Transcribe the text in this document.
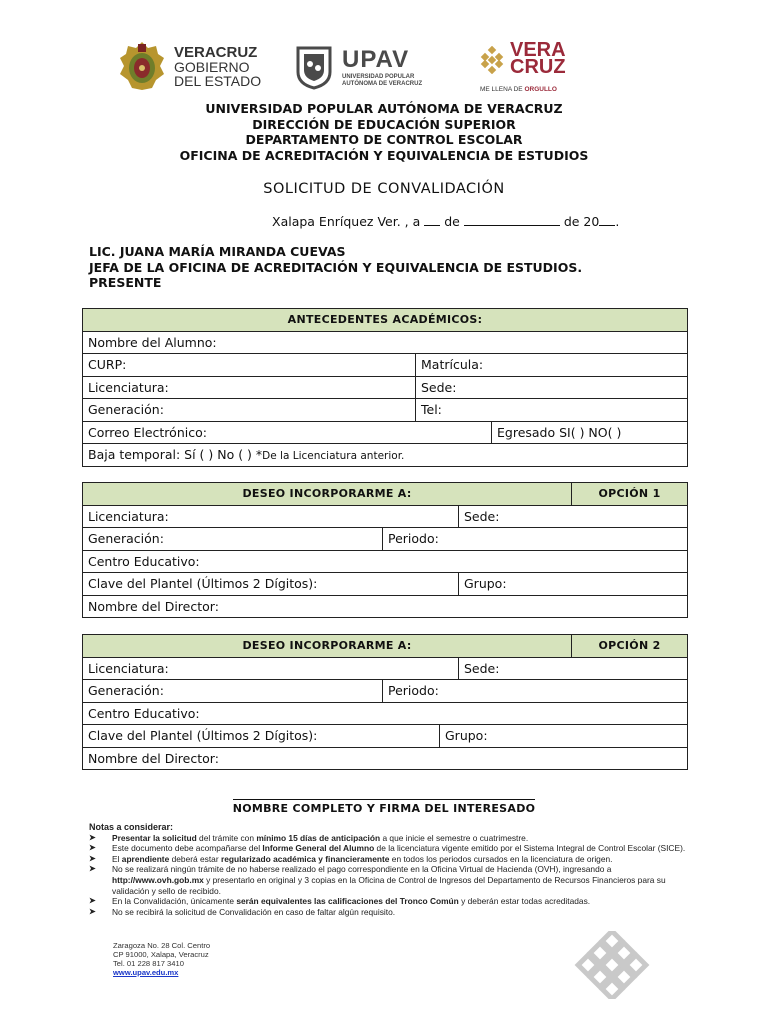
VERACRUZ
GOBIERNO
DEL ESTADO
UPAV
UNIVERSIDAD POPULAR
AUTÓNOMA DE VERACRUZ
VERA
CRUZ
ME LLENA DE ORGULLO
UNIVERSIDAD POPULAR AUTÓNOMA DE VERACRUZ
DIRECCIÓN DE EDUCACIÓN SUPERIOR
DEPARTAMENTO DE CONTROL ESCOLAR
OFICINA DE ACREDITACIÓN Y EQUIVALENCIA DE ESTUDIOS
SOLICITUD DE CONVALIDACIÓN
Xalapa Enríquez Ver. , a de	de 20 .
LIC. JUANA MARÍA MIRANDA CUEVAS
JEFA DE LA OFICINA DE ACREDITACIÓN Y EQUIVALENCIA DE ESTUDIOS.
PRESENTE
ANTECEDENTES ACADÉMICOS:		
Nombre del Alumno:		
CURP:	Matrícula:	
Licenciatura:	Sede:	
Generación:	Tel:	
Correo Electrónico:		Egresado SI( ) NO( )
Baja temporal: Sí ( ) No ( ) *De la Licenciatura anterior.		
DESEO INCORPORARME A:			OPCIÓN 1
Licenciatura:		Sede:	
Generación:	Periodo:		
Centro Educativo:			
Clave del Plantel (Últimos 2 Dígitos):		Grupo:	
Nombre del Director:			
DESEO INCORPORARME A:				OPCIÓN 2
Licenciatura:			Sede:	
Generación:	Periodo:			
Centro Educativo:				
Clave del Plantel (Últimos 2 Dígitos):		Grupo:		
Nombre del Director:				
NOMBRE COMPLETO Y FIRMA DEL INTERESADO
Notas a considerar:
➤ Presentar la solicitud del trámite con mínimo 15 días de anticipación a que inicie el semestre o cuatrimestre.
➤ Este documento debe acompañarse del Informe General del Alumno de la licenciatura vigente emitido por el Sistema Integral de Control Escolar (SICE).
➤ El aprendiente deberá estar regularizado académica y financieramente en todos los periodos cursados en la licenciatura de origen.
➤ No se realizará ningún trámite de no haberse realizado el pago correspondiente en la Oficina Virtual de Hacienda (OVH), ingresando a http://www.ovh.gob.mx y presentarlo en original y 3 copias en la Oficina de Control de Ingresos del Departamento de Recursos Financieros para su validación y sello de recibido.
➤ En la Convalidación, únicamente serán equivalentes las calificaciones del Tronco Común y deberán estar todas acreditadas.
➤ No se recibirá la solicitud de Convalidación en caso de faltar algún requisito.
Zaragoza No. 28 Col. Centro
CP 91000, Xalapa, Veracruz
Tel. 01 228 817 3410
www.upav.edu.mx
